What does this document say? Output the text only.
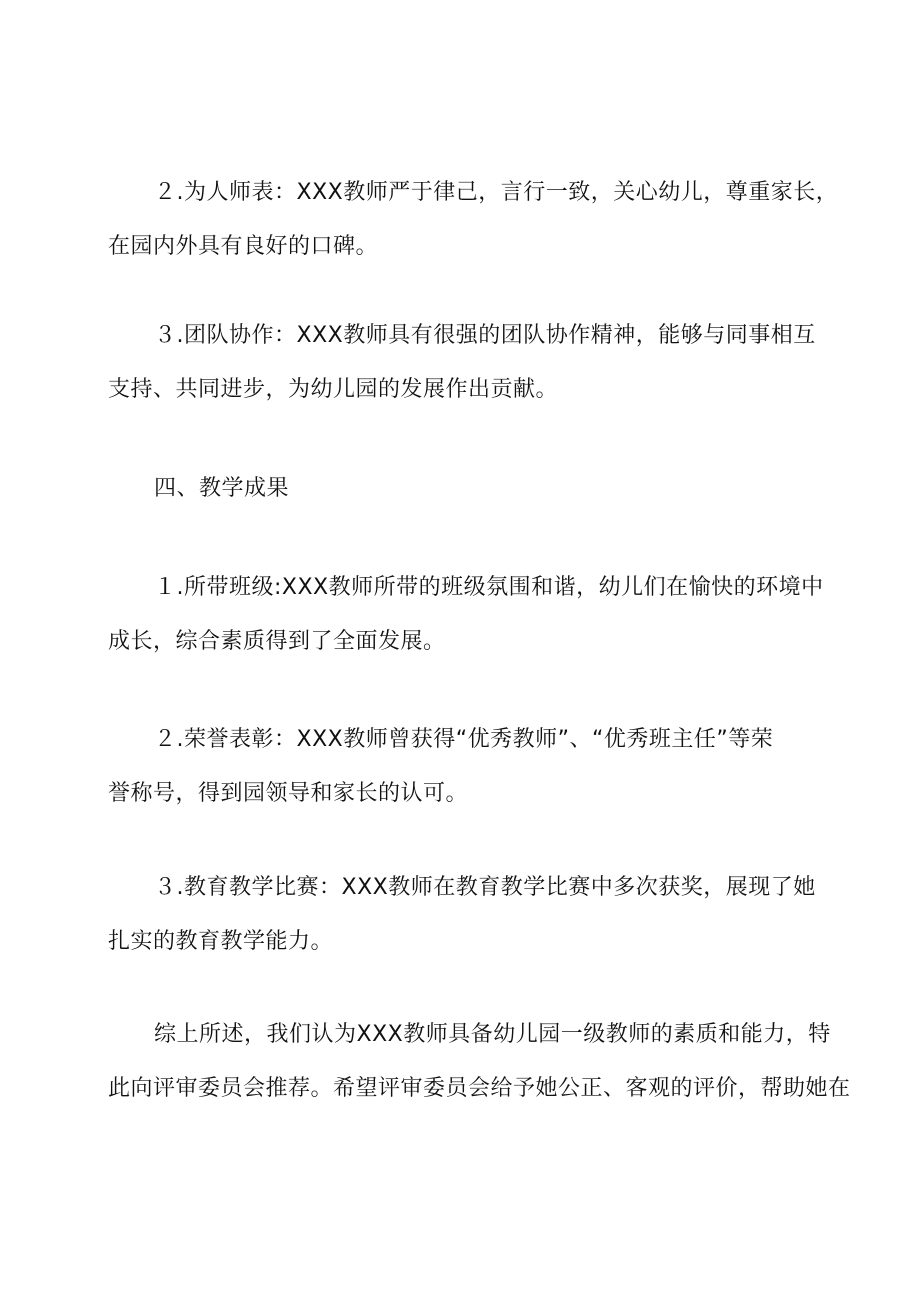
２.为人师表：XXX教师严于律己，言行一致，关心幼儿，尊重家长，
在园内外具有良好的口碑。

３.团队协作：XXX教师具有很强的团队协作精神，能够与同事相互
支持、共同进步，为幼儿园的发展作出贡献。

四、教学成果

１.所带班级:XXX教师所带的班级氛围和谐，幼儿们在愉快的环境中
成长，综合素质得到了全面发展。

２.荣誉表彰：XXX教师曾获得“优秀教师”、“优秀班主任”等荣
誉称号，得到园领导和家长的认可。

３.教育教学比赛：XXX教师在教育教学比赛中多次获奖，展现了她
扎实的教育教学能力。

综上所述，我们认为XXX教师具备幼儿园一级教师的素质和能力，特
此向评审委员会推荐。希望评审委员会给予她公正、客观的评价，帮助她在
